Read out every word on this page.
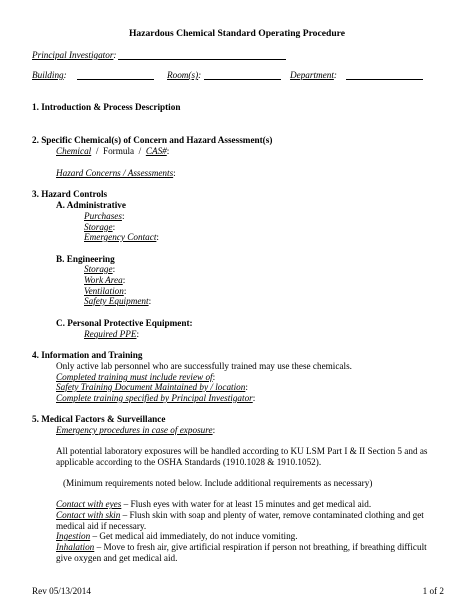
Hazardous Chemical Standard Operating Procedure
Principal Investigator:
Building:	Room(s):	Department:
1. Introduction & Process Description
2. Specific Chemical(s) of Concern and Hazard Assessment(s)
Chemical  /  Formula  /  CAS#:
Hazard Concerns / Assessments:
3. Hazard Controls
A. Administrative
Purchases:
Storage:
Emergency Contact:
B. Engineering
Storage:
Work Area:
Ventilation:
Safety Equipment:
C. Personal Protective Equipment:
Required PPE:
4. Information and Training
Only active lab personnel who are successfully trained may use these chemicals.
Completed training must include review of:
Safety Training Document Maintained by / location:
Complete training specified by Principal Investigator:
5. Medical Factors & Surveillance
Emergency procedures in case of exposure:
All potential laboratory exposures will be handled according to KU LSM Part I & II Section 5 and as
applicable according to the OSHA Standards (1910.1028 & 1910.1052).
(Minimum requirements noted below. Include additional requirements as necessary)
Contact with eyes – Flush eyes with water for at least 15 minutes and get medical aid.
Contact with skin – Flush skin with soap and plenty of water, remove contaminated clothing and get
medical aid if necessary.
Ingestion – Get medical aid immediately, do not induce vomiting.
Inhalation – Move to fresh air, give artificial respiration if person not breathing, if breathing difficult
give oxygen and get medical aid.
Rev 05/13/2014	1 of 2
